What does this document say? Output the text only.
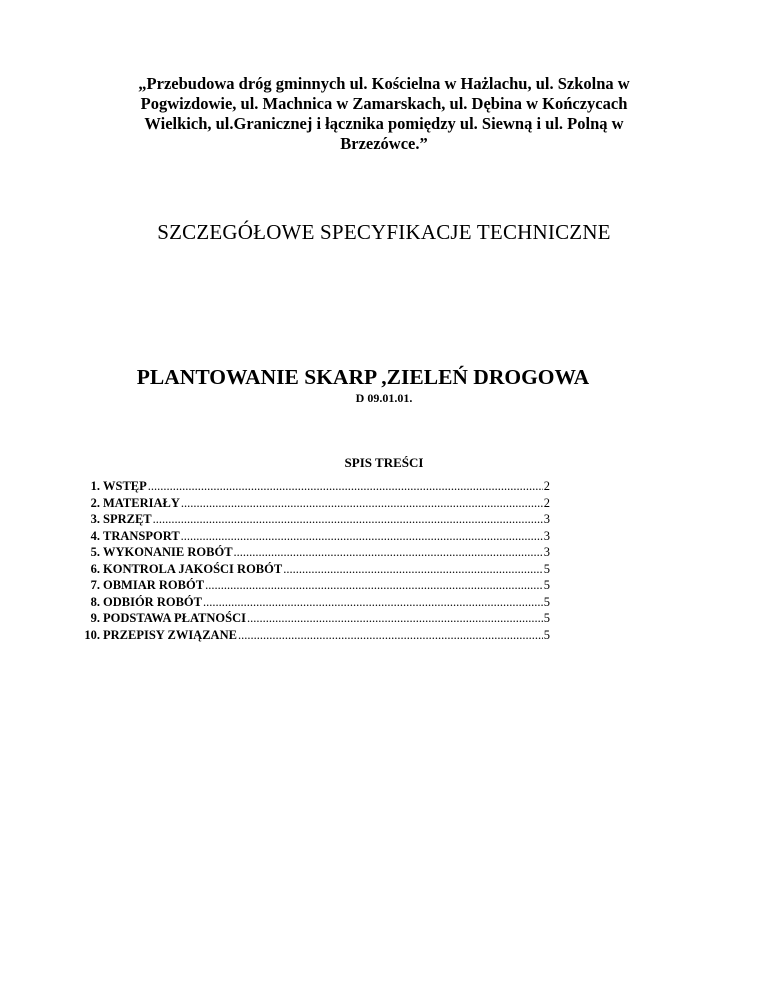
„Przebudowa dróg gminnych ul. Kościelna w Hażlachu, ul. Szkolna w
Pogwizdowie, ul. Machnica w Zamarskach, ul. Dębina w Kończycach
Wielkich, ul.Granicznej i łącznika pomiędzy ul. Siewną i ul. Polną w
Brzezówce.”
SZCZEGÓŁOWE SPECYFIKACJE TECHNICZNE
PLANTOWANIE SKARP ,ZIELEŃ DROGOWA
D 09.01.01.
SPIS TREŚCI
1. WSTĘP .....	2
2. MATERIAŁY .....	2
3. SPRZĘT .....	3
4. TRANSPORT .....	3
5. WYKONANIE ROBÓT .....	3
6. KONTROLA JAKOŚCI ROBÓT .....	5
7. OBMIAR ROBÓT .....	5
8. ODBIÓR ROBÓT .....	5
9. PODSTAWA PŁATNOŚCI .....	5
10. PRZEPISY ZWIĄZANE .....	5
